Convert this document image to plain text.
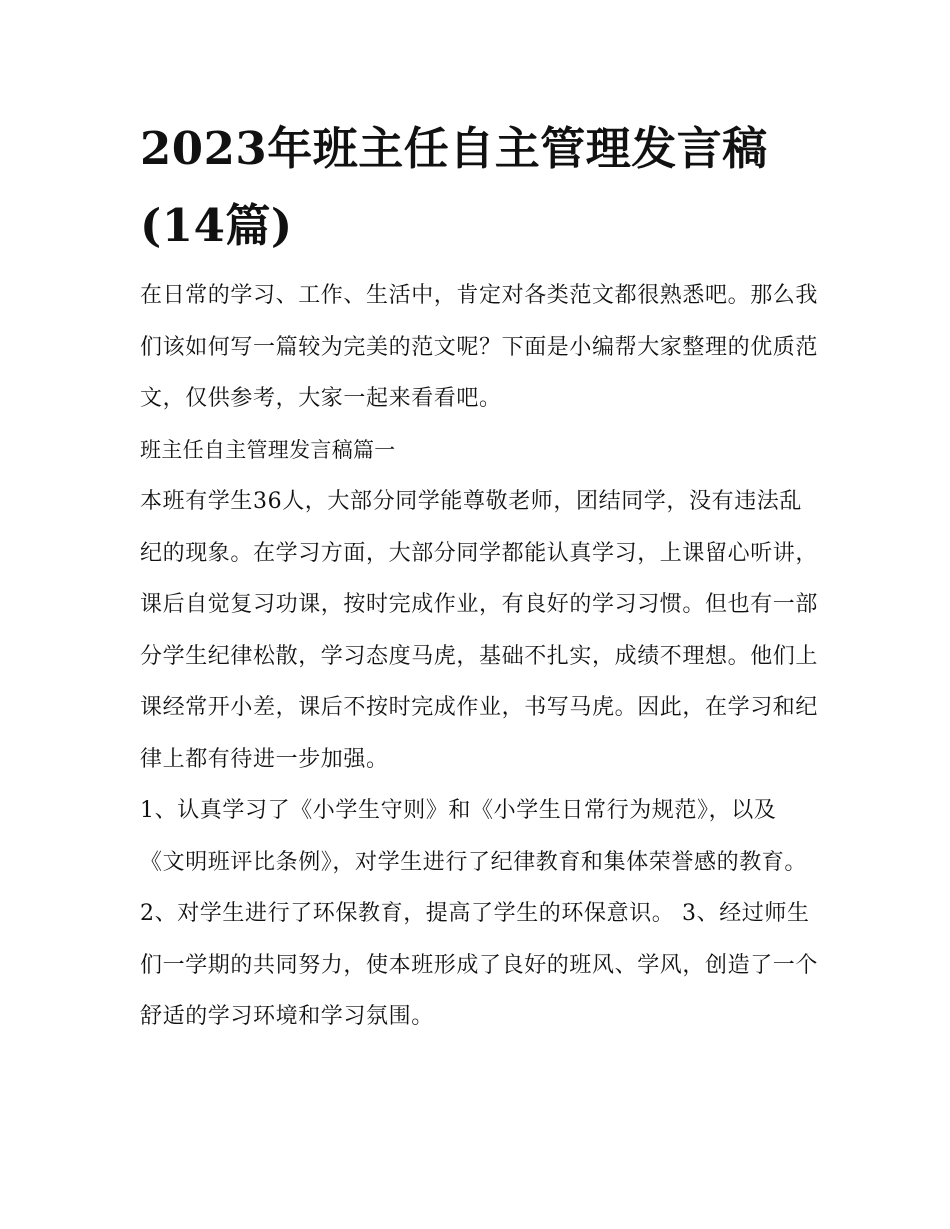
2023年班主任自主管理发言稿(14篇)

在日常的学习、工作、生活中，肯定对各类范文都很熟悉吧。那么我们该如何写一篇较为完美的范文呢？下面是小编帮大家整理的优质范文，仅供参考，大家一起来看看吧。

班主任自主管理发言稿篇一

本班有学生36人，大部分同学能尊敬老师，团结同学，没有违法乱纪的现象。在学习方面，大部分同学都能认真学习，上课留心听讲，课后自觉复习功课，按时完成作业，有良好的学习习惯。但也有一部分学生纪律松散，学习态度马虎，基础不扎实，成绩不理想。他们上课经常开小差，课后不按时完成作业，书写马虎。因此，在学习和纪律上都有待进一步加强。

1、认真学习了《小学生守则》和《小学生日常行为规范》，以及《文明班评比条例》，对学生进行了纪律教育和集体荣誉感的教育。

2、对学生进行了环保教育，提高了学生的环保意识。 3、经过师生们一学期的共同努力，使本班形成了良好的班风、学风，创造了一个舒适的学习环境和学习氛围。
